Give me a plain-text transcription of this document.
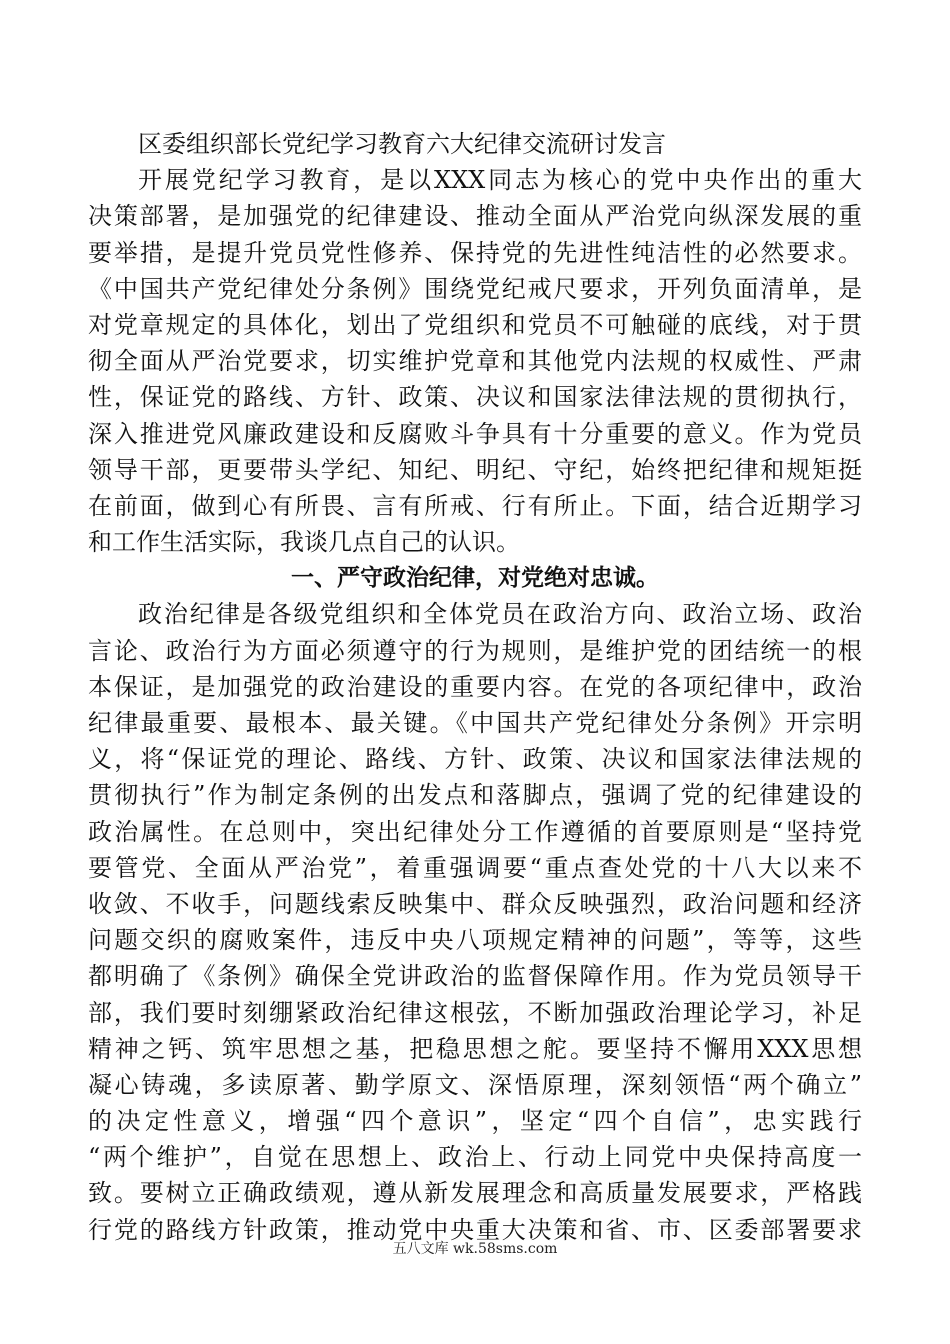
区委组织部长党纪学习教育六大纪律交流研讨发言
开展党纪学习教育，是以XXX同志为核心的党中央作出的重大
决策部署，是加强党的纪律建设、推动全面从严治党向纵深发展的重
要举措，是提升党员党性修养、保持党的先进性纯洁性的必然要求。
《中国共产党纪律处分条例》围绕党纪戒尺要求，开列负面清单，是
对党章规定的具体化，划出了党组织和党员不可触碰的底线，对于贯
彻全面从严治党要求，切实维护党章和其他党内法规的权威性、严肃
性，保证党的路线、方针、政策、决议和国家法律法规的贯彻执行，
深入推进党风廉政建设和反腐败斗争具有十分重要的意义。作为党员
领导干部，更要带头学纪、知纪、明纪、守纪，始终把纪律和规矩挺
在前面，做到心有所畏、言有所戒、行有所止。下面，结合近期学习
和工作生活实际，我谈几点自己的认识。
一、严守政治纪律，对党绝对忠诚。
政治纪律是各级党组织和全体党员在政治方向、政治立场、政治
言论、政治行为方面必须遵守的行为规则，是维护党的团结统一的根
本保证，是加强党的政治建设的重要内容。在党的各项纪律中，政治
纪律最重要、最根本、最关键。《中国共产党纪律处分条例》开宗明
义，将“保证党的理论、路线、方针、政策、决议和国家法律法规的
贯彻执行”作为制定条例的出发点和落脚点，强调了党的纪律建设的
政治属性。在总则中，突出纪律处分工作遵循的首要原则是“坚持党
要管党、全面从严治党”，着重强调要“重点查处党的十八大以来不
收敛、不收手，问题线索反映集中、群众反映强烈，政治问题和经济
问题交织的腐败案件，违反中央八项规定精神的问题”，等等，这些
都明确了《条例》确保全党讲政治的监督保障作用。作为党员领导干
部，我们要时刻绷紧政治纪律这根弦，不断加强政治理论学习，补足
精神之钙、筑牢思想之基，把稳思想之舵。要坚持不懈用XXX思想
凝心铸魂，多读原著、勤学原文、深悟原理，深刻领悟“两个确立”
的决定性意义，增强“四个意识”，坚定“四个自信”，忠实践行
“两个维护”，自觉在思想上、政治上、行动上同党中央保持高度一
致。要树立正确政绩观，遵从新发展理念和高质量发展要求，严格践
行党的路线方针政策，推动党中央重大决策和省、市、区委部署要求
五八文库 wk.58sms.com
